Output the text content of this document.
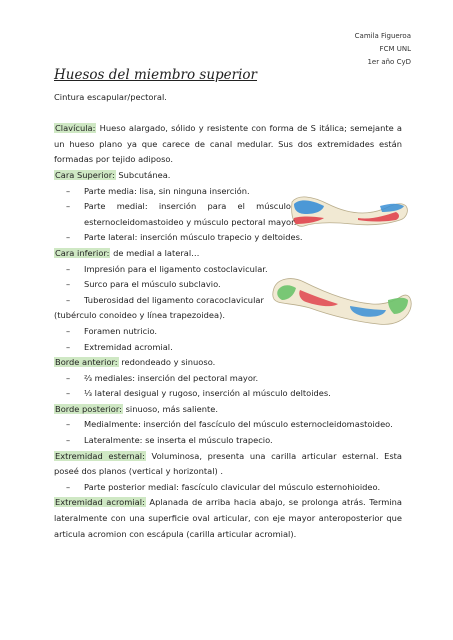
Camila Figueroa
FCM UNL
1er año CyD
Huesos del miembro superior

Cintura escapular/pectoral.

Clavícula: Hueso alargado, sólido y resistente con forma de S itálica; semejante a un hueso plano ya que carece de canal medular. Sus dos extremidades están formadas por tejido adiposo.

Cara Superior: Subcutánea.

–	Parte media: lisa, sin ninguna inserción.
–	Parte medial: inserción para el músculo
esternocleidomastoideo y músculo pectoral mayor.
–	Parte lateral: inserción músculo trapecio y deltoides.

Cara inferior: de medial a lateral…

–	Impresión para el ligamento costoclavicular.
–	Surco para el músculo subclavio.
–	Tuberosidad del ligamento coracoclavicular
(tubérculo conoideo y línea trapezoidea).
–	Foramen nutricio.
–	Extremidad acromial.

Borde anterior: redondeado y sinuoso.

–	⅔ mediales: inserción del pectoral mayor.
–	⅓ lateral desigual y rugoso, inserción al músculo deltoides.

Borde posterior: sinuoso, más saliente.

–	Medialmente: inserción del fascículo del músculo esternocleidomastoideo.
–	Lateralmente: se inserta el músculo trapecio.

Extremidad esternal: Voluminosa, presenta una carilla articular esternal. Esta poseé dos planos (vertical y horizontal) .

–	Parte posterior medial: fascículo clavicular del músculo esternohioideo.

Extremidad acromial: Aplanada de arriba hacia abajo, se prolonga atrás. Termina lateralmente con una superficie oval articular, con eje mayor anteroposterior que articula acromion con escápula (carilla articular acromial).
